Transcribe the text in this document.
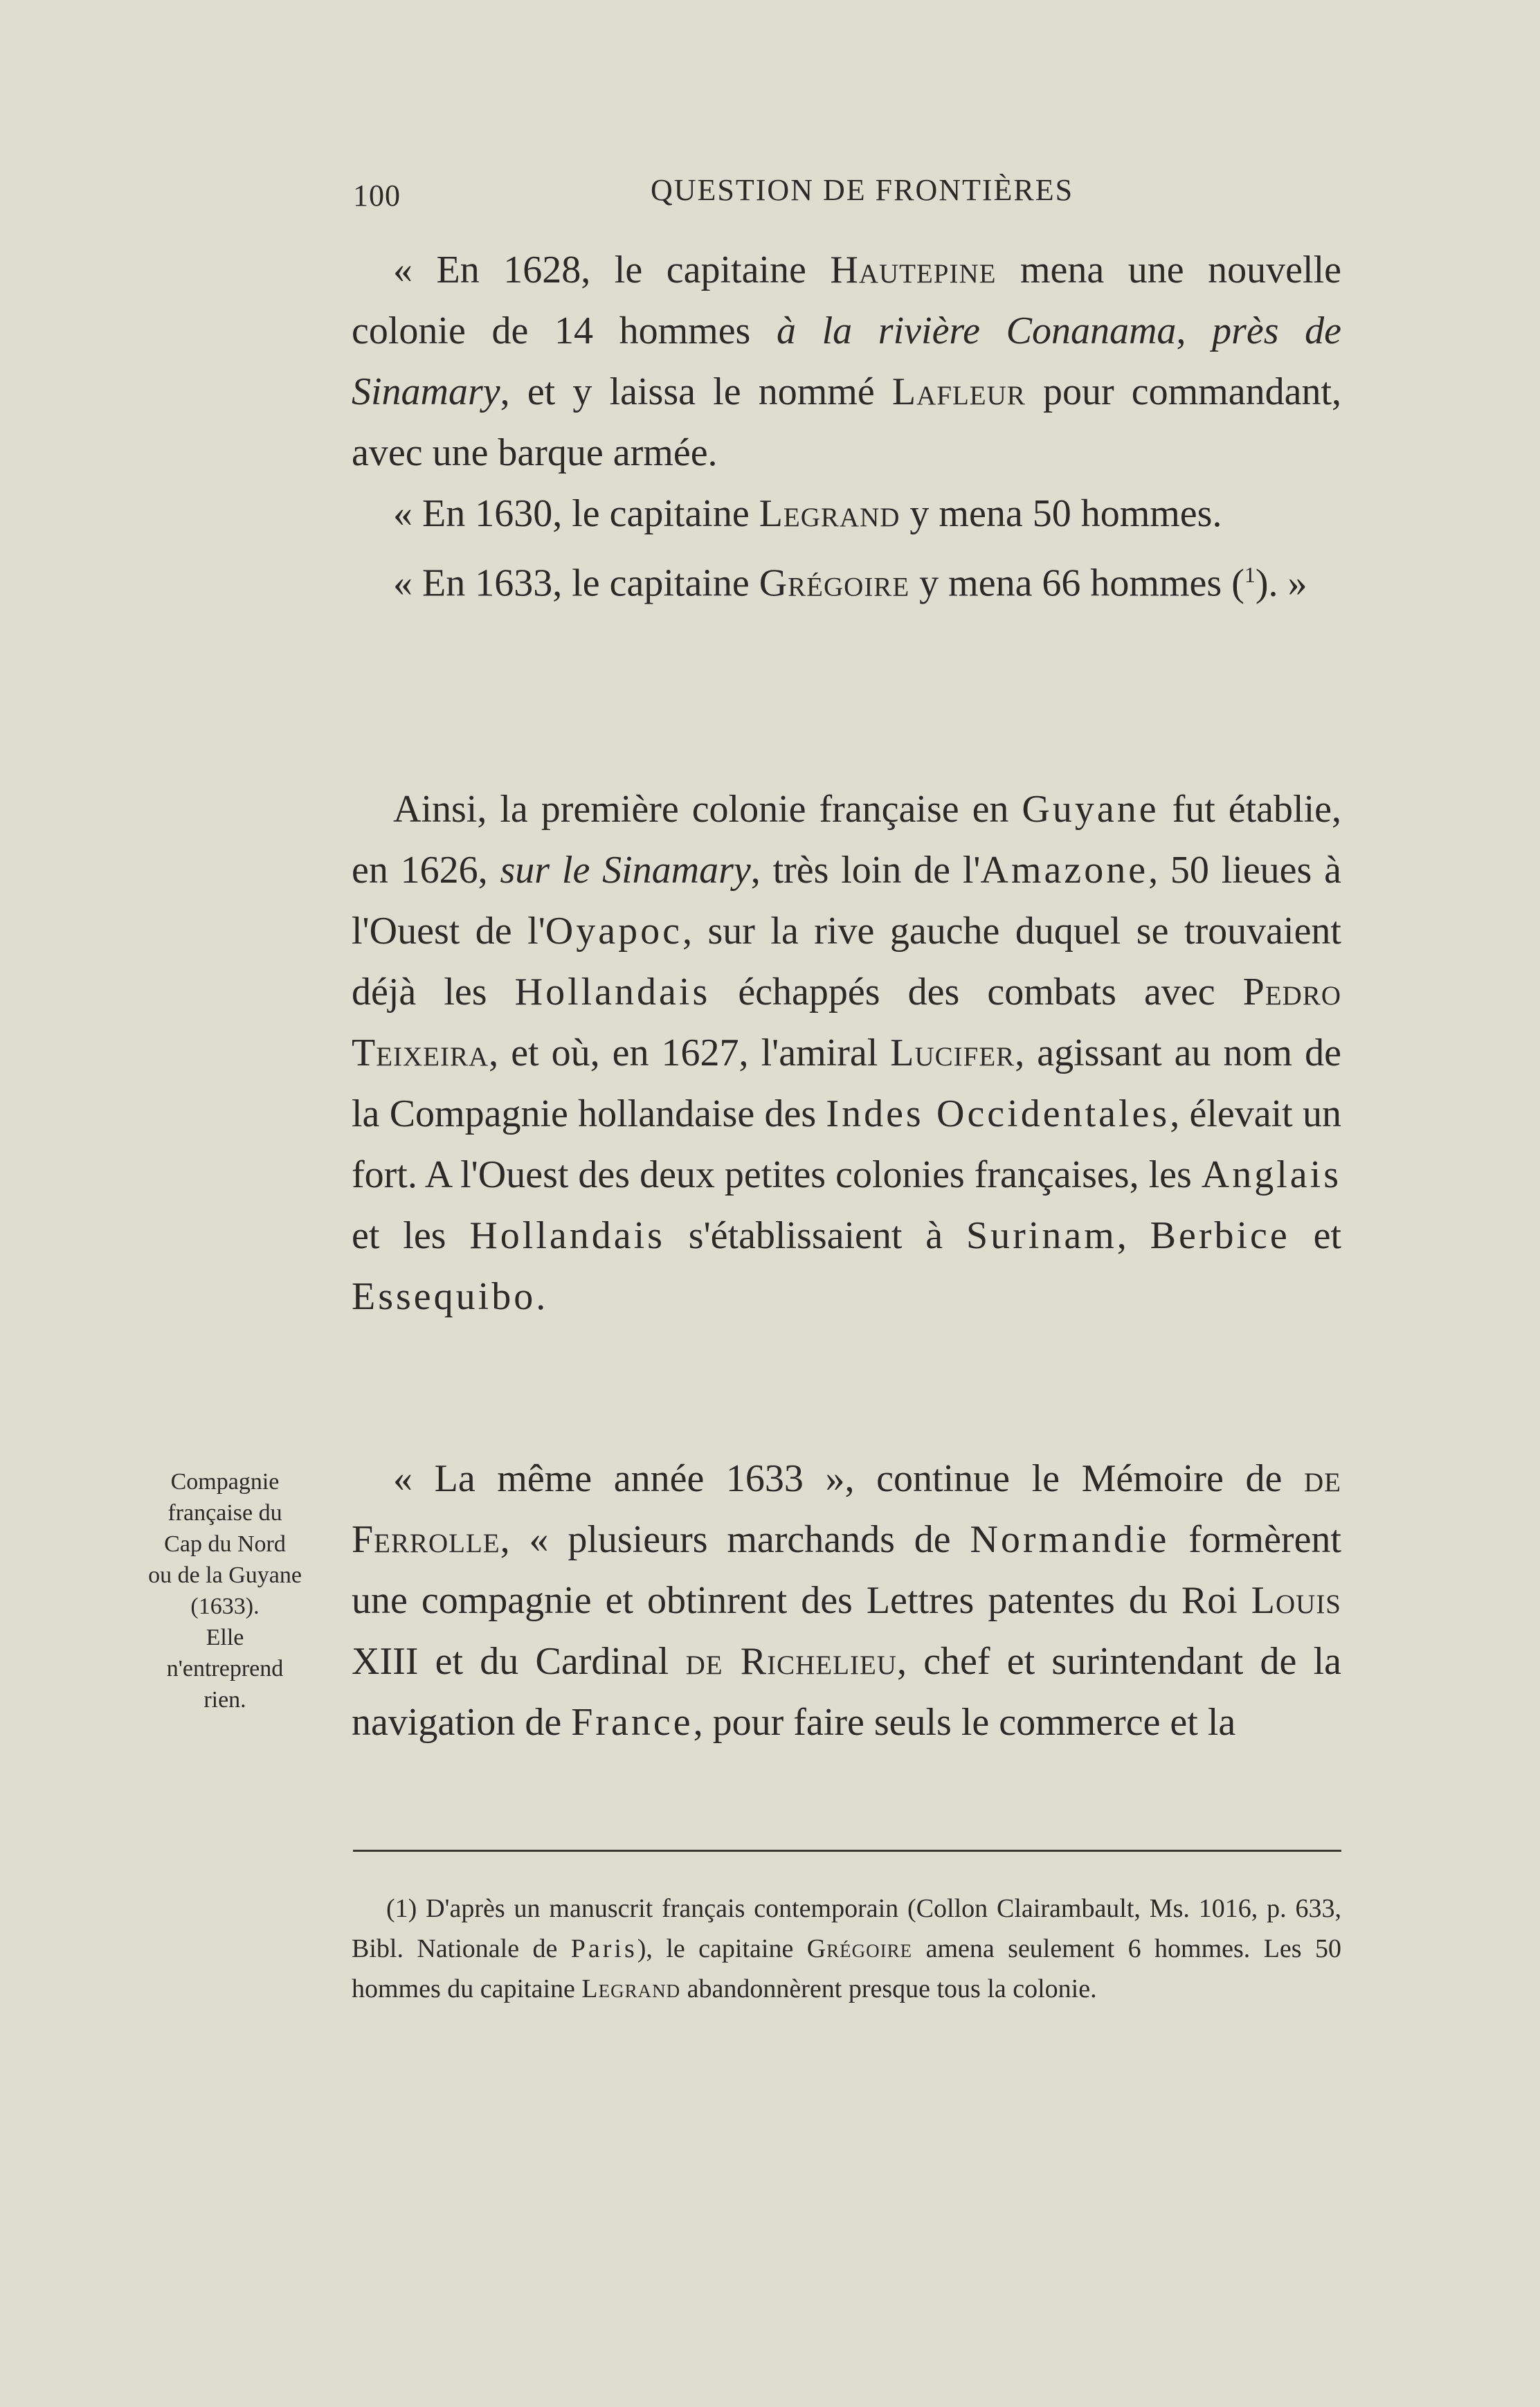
100	QUESTION DE FRONTIÈRES

« En 1628, le capitaine Hautepine mena une nouvelle colonie de 14 hommes à la rivière Conanama, près de Sinamary, et y laissa le nommé Lafleur pour commandant, avec une barque armée.

« En 1630, le capitaine Legrand y mena 50 hommes.

« En 1633, le capitaine Grégoire y mena 66 hommes ($^1$). »

Ainsi, la première colonie française en Guyane fut établie, en 1626, sur le Sinamary, très loin de l'Amazone, 50 lieues à l'Ouest de l'Oyapoc, sur la rive gauche duquel se trouvaient déjà les Hollandais échappés des combats avec Pedro Teixeira, et où, en 1627, l'amiral Lucifer, agissant au nom de la Compagnie hollandaise des Indes Occidentales, élevait un fort. A l'Ouest des deux petites colonies françaises, les Anglais et les Hollandais s'établissaient à Surinam, Berbice et Essequibo.

Compagnie
française du
Cap du Nord
ou de la Guyane
(1633).
Elle
n'entreprend
rien.

« La même année 1633 », continue le Mémoire de de Ferrolle, « plusieurs marchands de Normandie formèrent une compagnie et obtinrent des Lettres patentes du Roi Louis XIII et du Cardinal de Richelieu, chef et surintendant de la navigation de France, pour faire seuls le commerce et la

(1) D'après un manuscrit français contemporain (Collon Clairambault, Ms. 1016, p. 633, Bibl. Nationale de Paris), le capitaine Grégoire amena seulement 6 hommes. Les 50 hommes du capitaine Legrand abandonnèrent presque tous la colonie.
